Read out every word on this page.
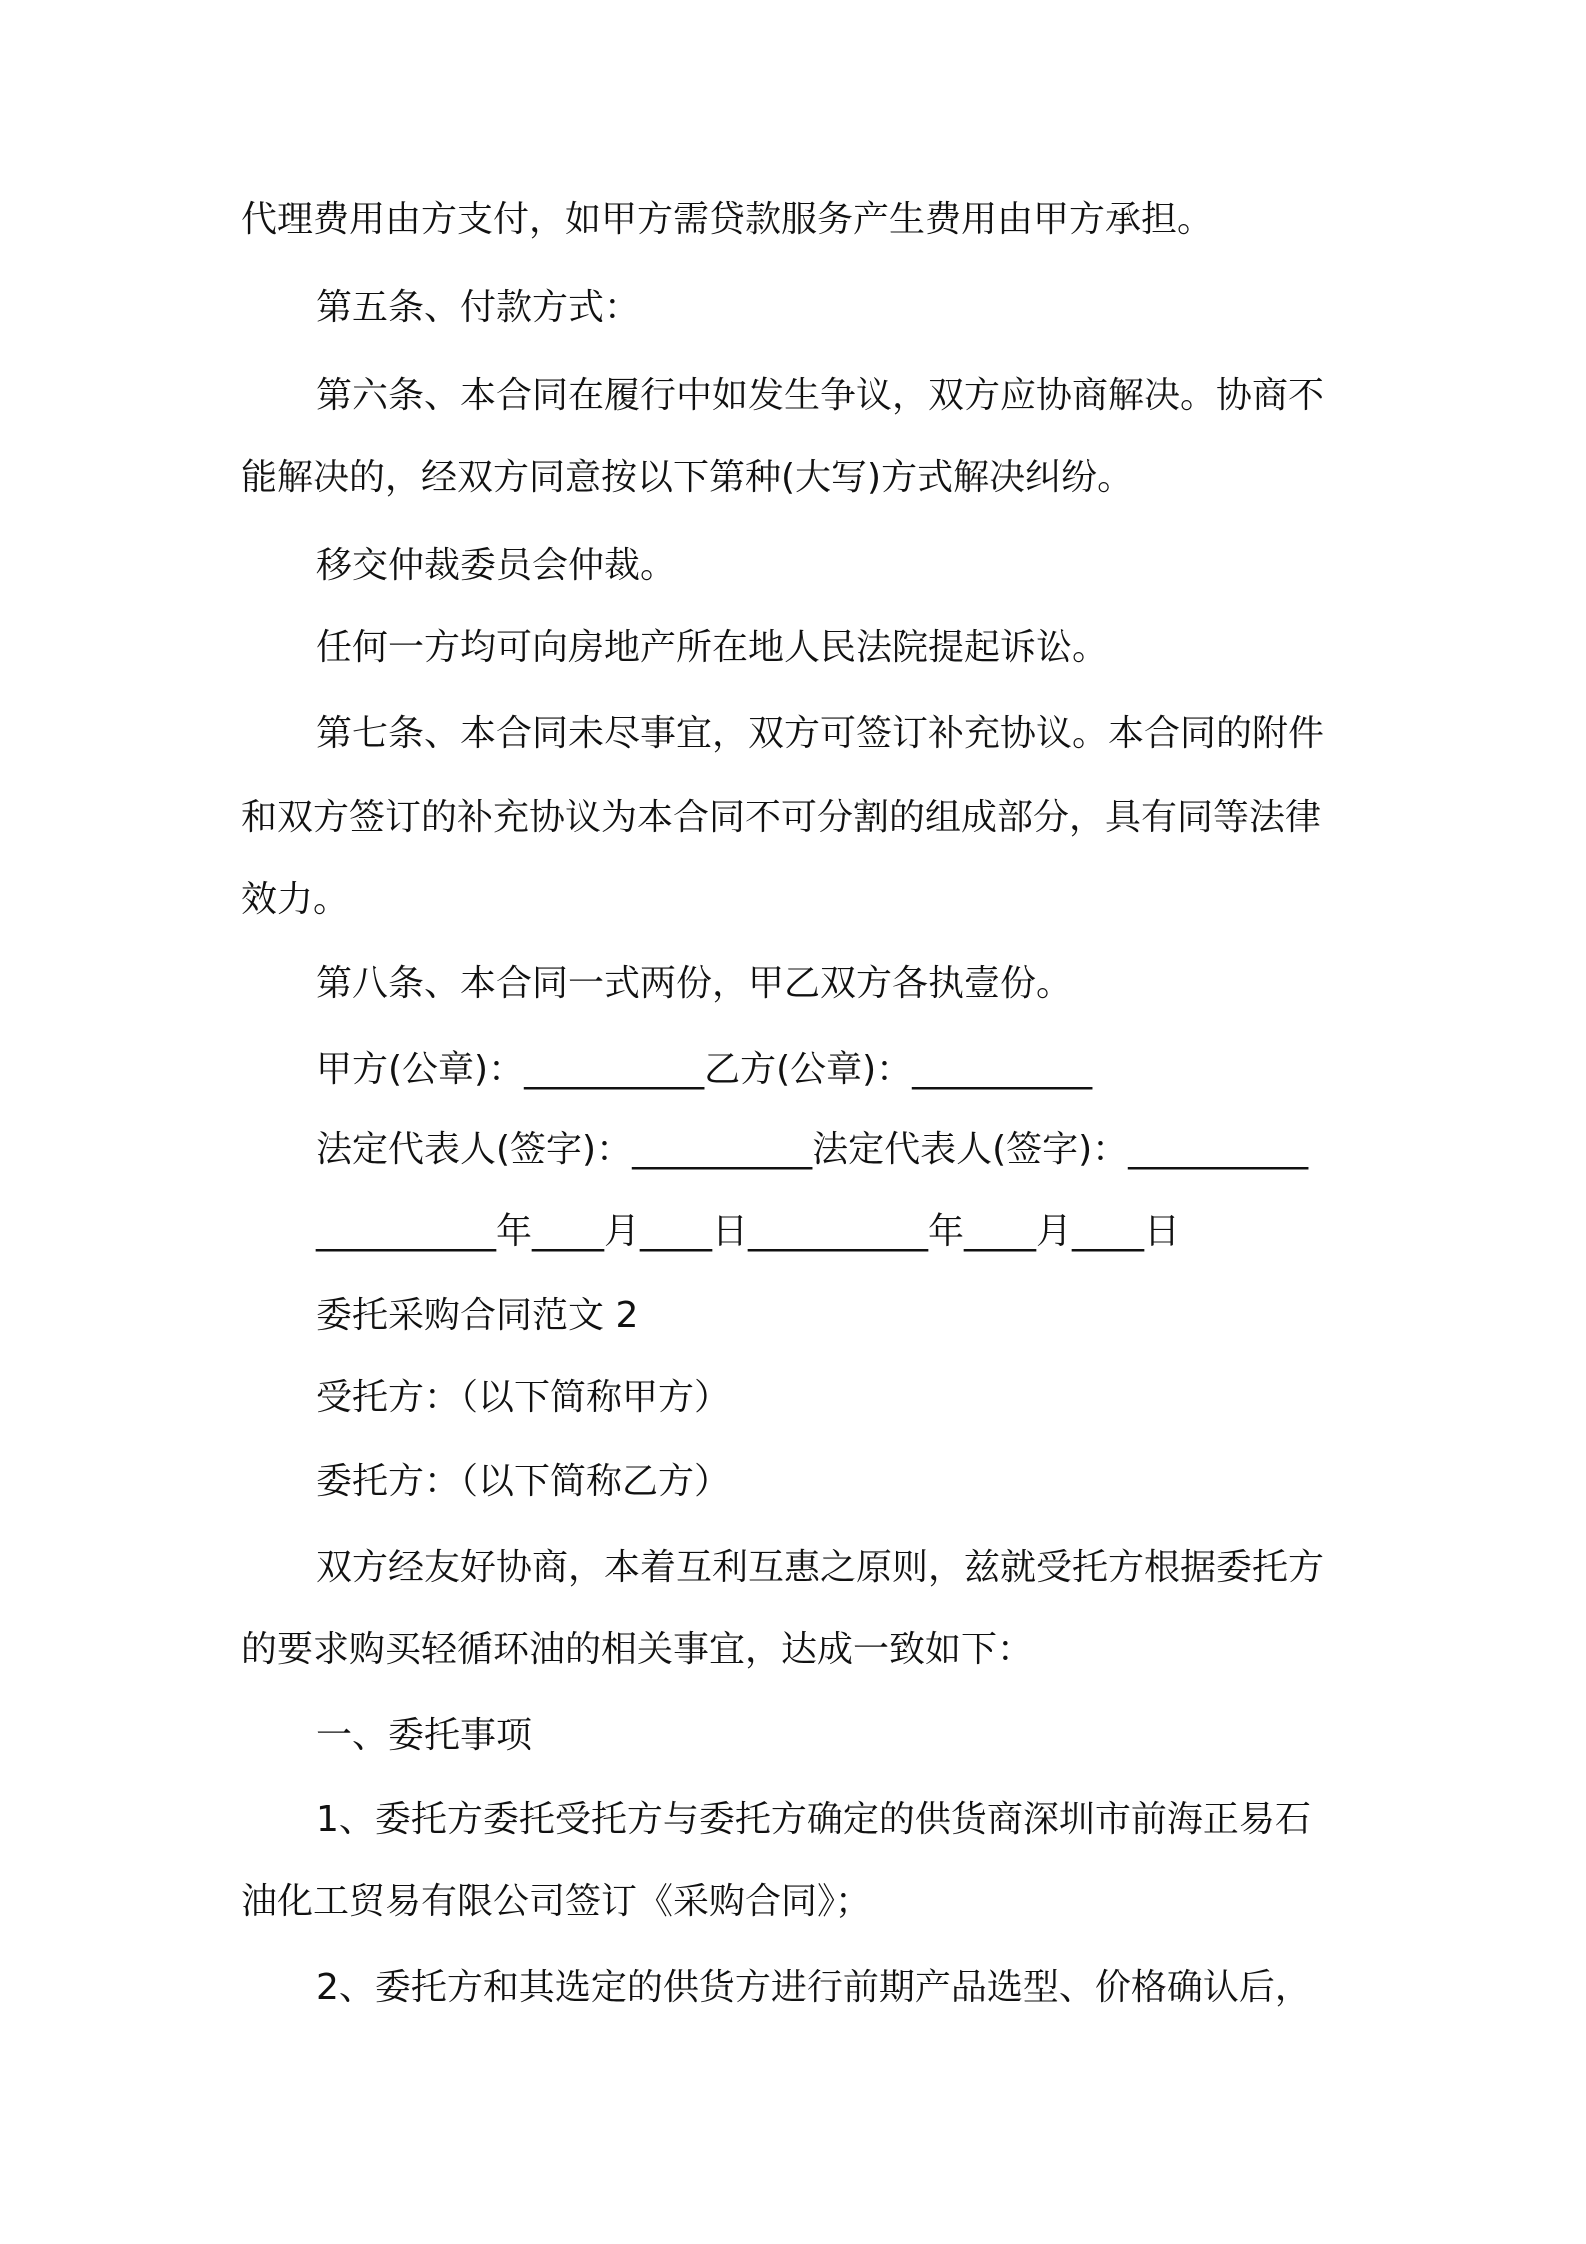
代理费用由方支付，如甲方需贷款服务产生费用由甲方承担。
第五条、付款方式：
第六条、本合同在履行中如发生争议，双方应协商解决。协商不
能解决的，经双方同意按以下第种(大写)方式解决纠纷。
移交仲裁委员会仲裁。
任何一方均可向房地产所在地人民法院提起诉讼。
第七条、本合同未尽事宜，双方可签订补充协议。本合同的附件
和双方签订的补充协议为本合同不可分割的组成部分，具有同等法律
效力。
第八条、本合同一式两份，甲乙双方各执壹份。
甲方(公章)：__________乙方(公章)：__________
法定代表人(签字)：__________法定代表人(签字)：__________
__________年____月____日__________年____月____日
委托采购合同范文 2
受托方：（以下简称甲方）
委托方：（以下简称乙方）
双方经友好协商，本着互利互惠之原则，兹就受托方根据委托方
的要求购买轻循环油的相关事宜，达成一致如下：
一、委托事项
1、委托方委托受托方与委托方确定的供货商深圳市前海正易石
油化工贸易有限公司签订《采购合同》；
2、委托方和其选定的供货方进行前期产品选型、价格确认后，
